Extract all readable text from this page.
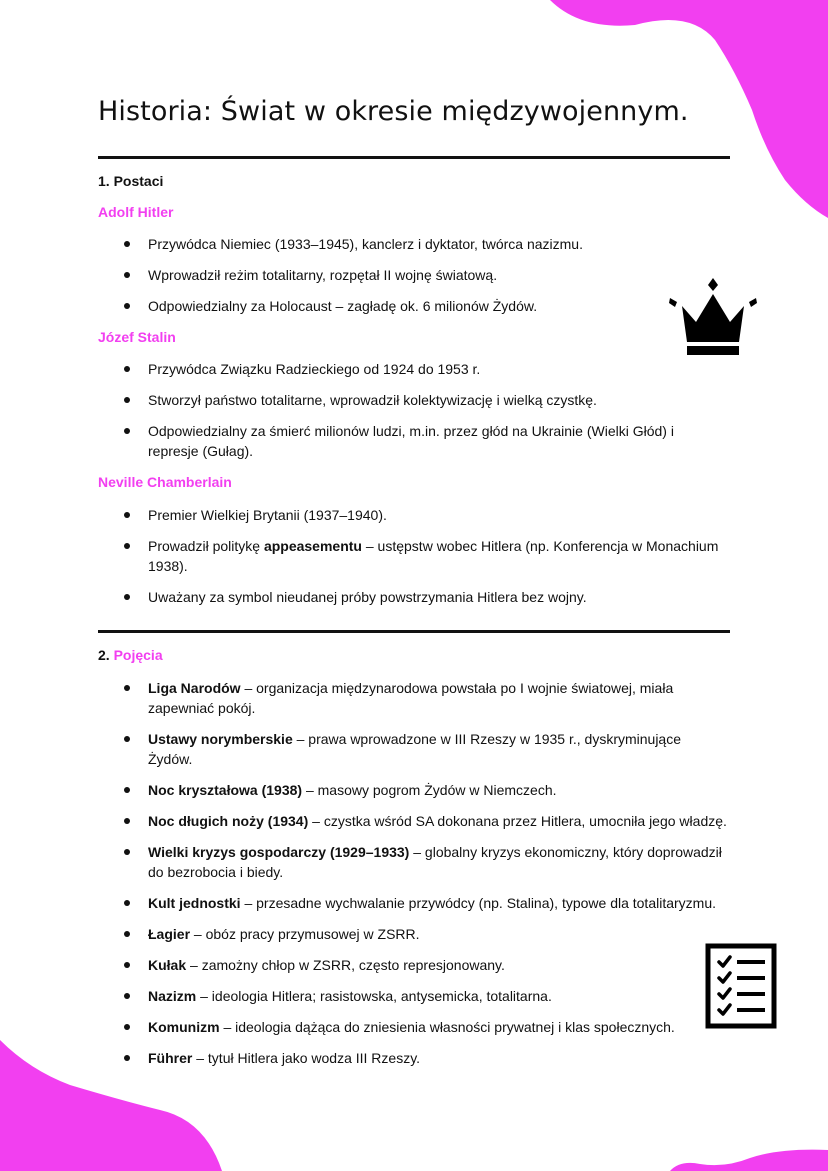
Historia: Świat w okresie międzywojennym.
1. Postaci
Adolf Hitler
Przywódca Niemiec (1933–1945), kanclerz i dyktator, twórca nazizmu.
Wprowadził reżim totalitarny, rozpętał II wojnę światową.
Odpowiedzialny za Holocaust – zagładę ok. 6 milionów Żydów.
Józef Stalin
Przywódca Związku Radzieckiego od 1924 do 1953 r.
Stworzył państwo totalitarne, wprowadził kolektywizację i wielką czystkę.
Odpowiedzialny za śmierć milionów ludzi, m.in. przez głód na Ukrainie (Wielki Głód) i represje (Gułag).
Neville Chamberlain
Premier Wielkiej Brytanii (1937–1940).
Prowadził politykę appeasementu – ustępstw wobec Hitlera (np. Konferencja w Monachium 1938).
Uważany za symbol nieudanej próby powstrzymania Hitlera bez wojny.
2. Pojęcia
Liga Narodów – organizacja międzynarodowa powstała po I wojnie światowej, miała zapewniać pokój.
Ustawy norymberskie – prawa wprowadzone w III Rzeszy w 1935 r., dyskryminujące Żydów.
Noc kryształowa (1938) – masowy pogrom Żydów w Niemczech.
Noc długich noży (1934) – czystka wśród SA dokonana przez Hitlera, umocniła jego władzę.
Wielki kryzys gospodarczy (1929–1933) – globalny kryzys ekonomiczny, który doprowadził do bezrobocia i biedy.
Kult jednostki – przesadne wychwalanie przywódcy (np. Stalina), typowe dla totalitaryzmu.
Łagier – obóz pracy przymusowej w ZSRR.
Kułak – zamożny chłop w ZSRR, często represjonowany.
Nazizm – ideologia Hitlera; rasistowska, antysemicka, totalitarna.
Komunizm – ideologia dążąca do zniesienia własności prywatnej i klas społecznych.
Führer – tytuł Hitlera jako wodza III Rzeszy.
